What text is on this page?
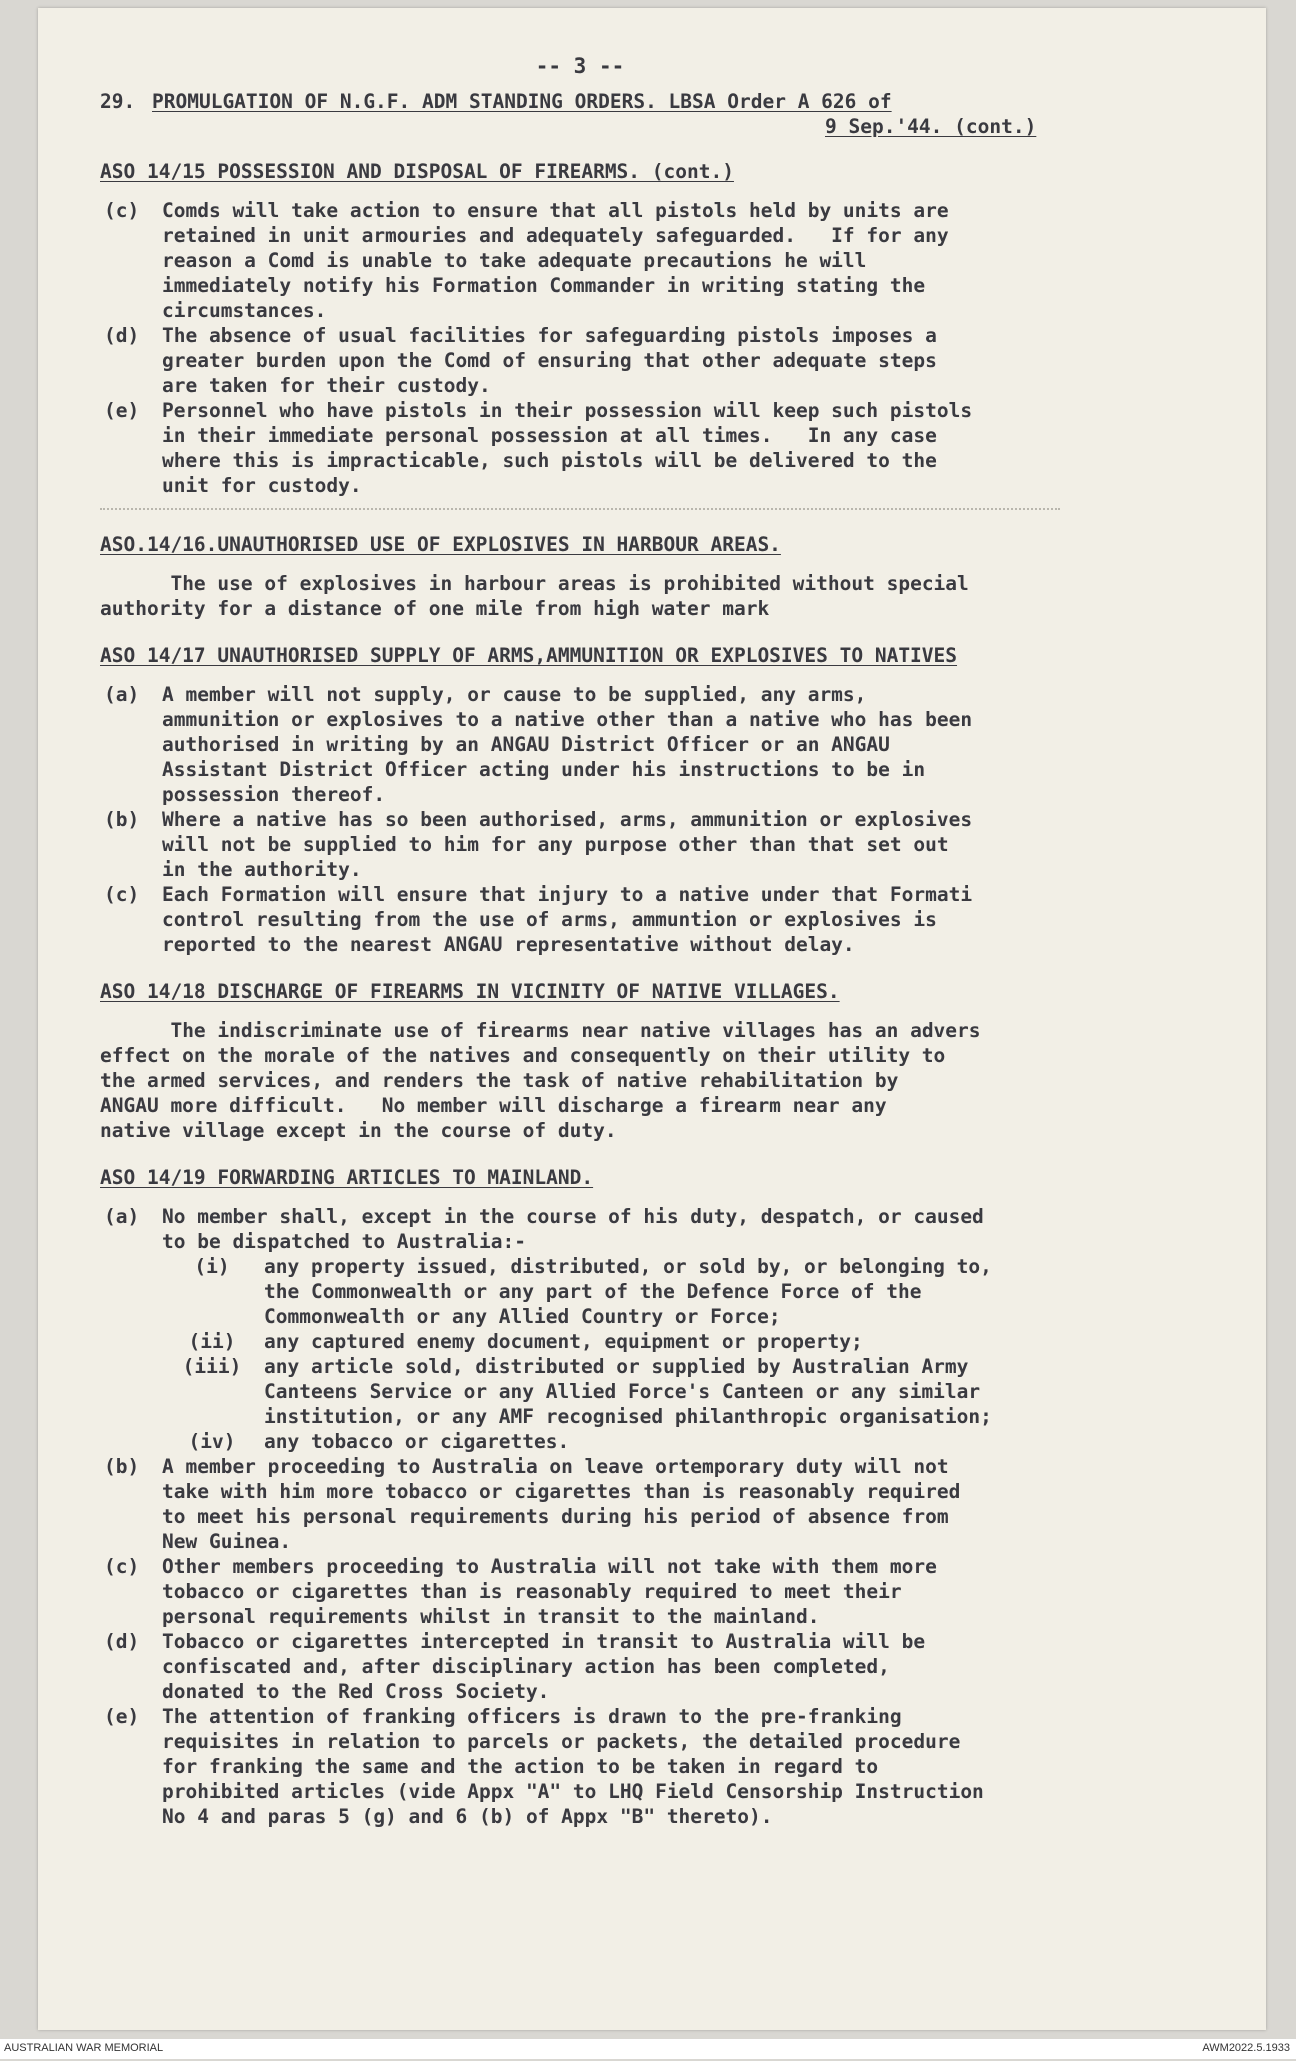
-- 3 --
29. PROMULGATION OF N.G.F. ADM STANDING ORDERS. LBSA Order A 626 of
9 Sep.'44. (cont.)
ASO 14/15 POSSESSION AND DISPOSAL OF FIREARMS. (cont.)
(c)	Comds will take action to ensure that all pistols held by units are
retained in unit armouries and adequately safeguarded.   If for any
reason a Comd is unable to take adequate precautions he will
immediately notify his Formation Commander in writing stating the
circumstances.
(d)	The absence of usual facilities for safeguarding pistols imposes a
greater burden upon the Comd of ensuring that other adequate steps
are taken for their custody.
(e)	Personnel who have pistols in their possession will keep such pistols
in their immediate personal possession at all times.   In any case
where this is impracticable, such pistols will be delivered to the
unit for custody.
ASO.14/16.UNAUTHORISED USE OF EXPLOSIVES IN HARBOUR AREAS.
The use of explosives in harbour areas is prohibited without special
authority for a distance of one mile from high water mark
ASO 14/17 UNAUTHORISED SUPPLY OF ARMS,AMMUNITION OR EXPLOSIVES TO NATIVES
(a)	A member will not supply, or cause to be supplied, any arms,
ammunition or explosives to a native other than a native who has been
authorised in writing by an ANGAU District Officer or an ANGAU
Assistant District Officer acting under his instructions to be in
possession thereof.
(b)	Where a native has so been authorised, arms, ammunition or explosives
will not be supplied to him for any purpose other than that set out
in the authority.
(c)	Each Formation will ensure that injury to a native under that Formati
control resulting from the use of arms, ammuntion or explosives is
reported to the nearest ANGAU representative without delay.
ASO 14/18 DISCHARGE OF FIREARMS IN VICINITY OF NATIVE VILLAGES.
The indiscriminate use of firearms near native villages has an advers
effect on the morale of the natives and consequently on their utility to
the armed services, and renders the task of native rehabilitation by
ANGAU more difficult.   No member will discharge a firearm near any
native village except in the course of duty.
ASO 14/19 FORWARDING ARTICLES TO MAINLAND.
(a)	No member shall, except in the course of his duty, despatch, or caused
to be dispatched to Australia:-
(i)	any property issued, distributed, or sold by, or belonging to,
the Commonwealth or any part of the Defence Force of the
Commonwealth or any Allied Country or Force;
(ii)	any captured enemy document, equipment or property;
(iii)	any article sold, distributed or supplied by Australian Army
Canteens Service or any Allied Force's Canteen or any similar
institution, or any AMF recognised philanthropic organisation;
(iv)	any tobacco or cigarettes.
(b)	A member proceeding to Australia on leave ortemporary duty will not
take with him more tobacco or cigarettes than is reasonably required
to meet his personal requirements during his period of absence from
New Guinea.
(c)	Other members proceeding to Australia will not take with them more
tobacco or cigarettes than is reasonably required to meet their
personal requirements whilst in transit to the mainland.
(d)	Tobacco or cigarettes intercepted in transit to Australia will be
confiscated and, after disciplinary action has been completed,
donated to the Red Cross Society.
(e)	The attention of franking officers is drawn to the pre-franking
requisites in relation to parcels or packets, the detailed procedure
for franking the same and the action to be taken in regard to
prohibited articles (vide Appx "A" to LHQ Field Censorship Instruction
No 4 and paras 5 (g) and 6 (b) of Appx "B" thereto).
AUSTRALIAN WAR MEMORIAL	AWM2022.5.1933
